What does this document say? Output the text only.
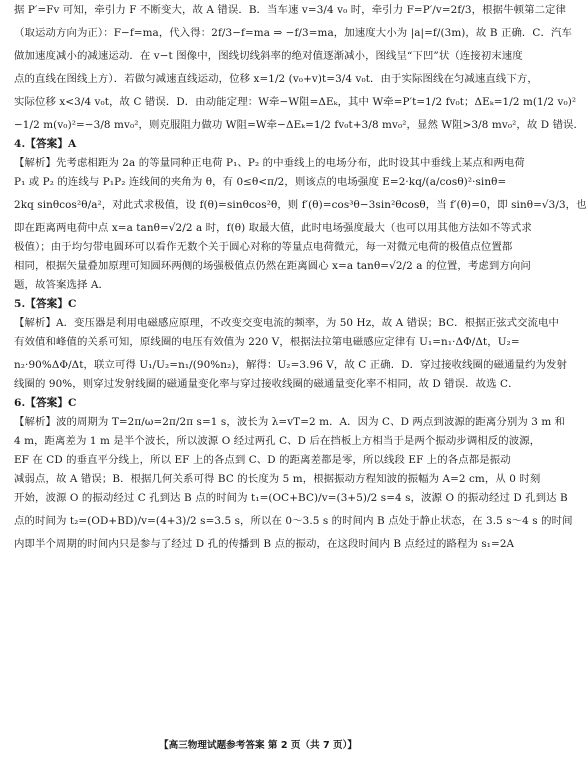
据 P′=Fv 可知，牵引力 F 不断变大，故 A 错误．B．当车速 v=3/4 v₀ 时，牵引力 F=P′/v=2f/3，根据牛顿第二定律

（取运动方向为正）：F−f=ma，代入得：2f/3−f=ma ⇒ −f/3=ma，加速度大小为 |a|=f/(3m)，故 B 正确．C．汽车

做加速度减小的减速运动．在 v−t 图像中，图线切线斜率的绝对值逐渐减小，图线呈“下凹”状（连接初末速度

点的直线在图线上方）．若做匀减速直线运动，位移 x=1/2 (v₀+v)t=3/4 v₀t．由于实际图线在匀减速直线下方，

实际位移 x<3/4 v₀t，故 C 错误．D．由动能定理：W牵−W阻=ΔEₖ，其中 W牵=P′t=1/2 fv₀t；ΔEₖ=1/2 m(1/2 v₀)²

−1/2 m(v₀)²=−3/8 mv₀²，则克服阻力做功 W阻=W牵−ΔEₖ=1/2 fv₀t+3/8 mv₀²，显然 W阻>3/8 mv₀²，故 D 错误．

4.【答案】A

【解析】先考虑相距为 2a 的等量同种正电荷 P₁、P₂ 的中垂线上的电场分布，此时设其中垂线上某点和两电荷

P₁ 或 P₂ 的连线与 P₁P₂ 连线间的夹角为 θ，有 0≤θ<π/2，则该点的电场强度 E=2·kq/(a/cosθ)²·sinθ=

2kq sinθcos²θ/a²，对此式求极值，设 f(θ)=sinθcos²θ，则 f′(θ)=cos³θ−3sin²θcosθ，当 f′(θ)=0，即 sinθ=√3/3，也

即在距离两电荷中点 x=a tanθ=√2/2 a 时，f(θ) 取最大值，此时电场强度最大（也可以用其他方法如不等式求

极值）；由于均匀带电圆环可以看作无数个关于圆心对称的等量点电荷微元，每一对微元电荷的极值点位置都

相同，根据矢量叠加原理可知圆环两侧的场强极值点仍然在距离圆心 x=a tanθ=√2/2 a 的位置，考虑到方向问

题，故答案选择 A．

5.【答案】C

【解析】A．变压器是利用电磁感应原理，不改变交变电流的频率，为 50 Hz，故 A 错误；BC．根据正弦式交流电中

有效值和峰值的关系可知，原线圈的电压有效值为 220 V，根据法拉第电磁感应定律有 U₁=n₁·ΔΦ/Δt，U₂=

n₂·90%ΔΦ/Δt，联立可得 U₁/U₂=n₁/(90%n₂)，解得：U₂=3.96 V，故 C 正确．D．穿过接收线圈的磁通量约为发射

线圈的 90%，则穿过发射线圈的磁通量变化率与穿过接收线圈的磁通量变化率不相同，故 D 错误．故选 C．

6.【答案】C

【解析】波的周期为 T=2π/ω=2π/2π s=1 s，波长为 λ=vT=2 m．A．因为 C、D 两点到波源的距离分别为 3 m 和

4 m，距离差为 1 m 是半个波长，所以波源 O 经过两孔 C、D 后在挡板上方相当于是两个振动步调相反的波源，

EF 在 CD 的垂直平分线上，所以 EF 上的各点到 C、D 的距离差都是零，所以线段 EF 上的各点都是振动

减弱点，故 A 错误；B．根据几何关系可得 BC 的长度为 5 m，根据振动方程知波的振幅为 A=2 cm，从 0 时刻

开始，波源 O 的振动经过 C 孔到达 B 点的时间为 t₁=(OC+BC)/v=(3+5)/2 s=4 s，波源 O 的振动经过 D 孔到达 B

点的时间为 t₂=(OD+BD)/v=(4+3)/2 s=3.5 s，所以在 0～3.5 s 的时间内 B 点处于静止状态，在 3.5 s～4 s 的时间

内即半个周期的时间内只是参与了经过 D 孔的传播到 B 点的振动，在这段时间内 B 点经过的路程为 s₁=2A

【高三物理试题参考答案 第 2 页（共 7 页）】
